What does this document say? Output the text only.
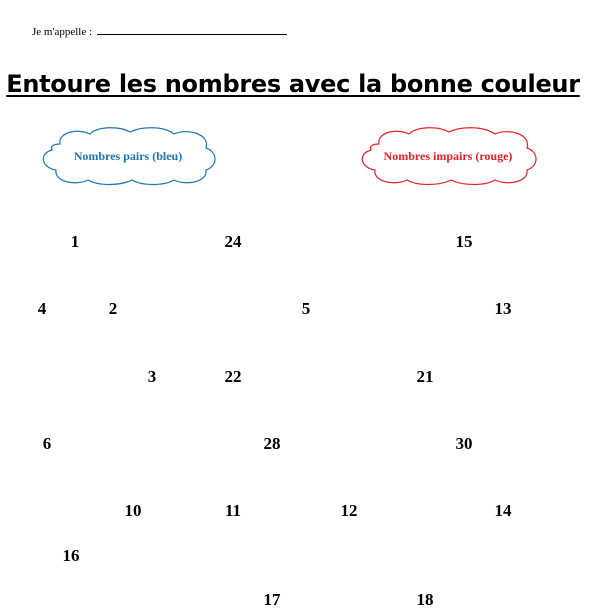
Je m'appelle :
Entoure les nombres avec la bonne couleur
Nombres pairs (bleu)	Nombres impairs (rouge)
1	24	15
4	2	5	13
3	22	21
6	28	30
10	11	12	14
16
17	18
